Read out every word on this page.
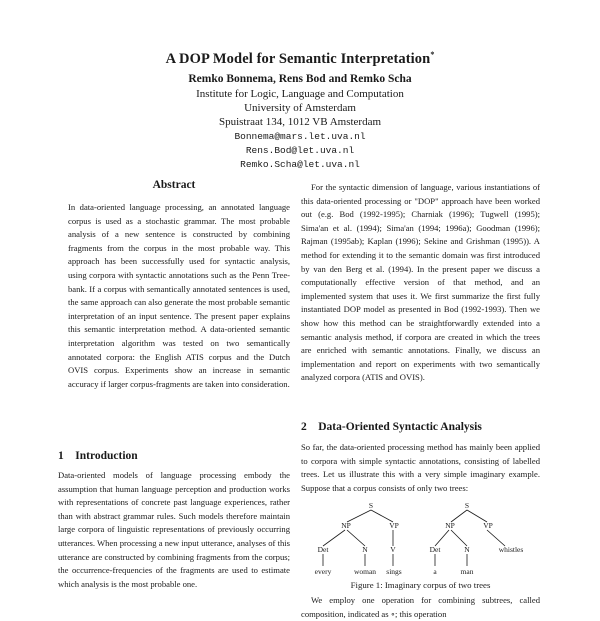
A DOP Model for Semantic Interpretation*
Remko Bonnema, Rens Bod and Remko Scha
Institute for Logic, Language and Computation
University of Amsterdam
Spuistraat 134, 1012 VB Amsterdam
Bonnema@mars.let.uva.nl
Rens.Bod@let.uva.nl
Remko.Scha@let.uva.nl
Abstract

In data-oriented language processing, an annotated language corpus is used as a stochastic grammar. The most probable analysis of a new sentence is constructed by combining fragments from the corpus in the most probable way. This approach has been successfully used for syntactic analysis, using corpora with syntactic annotations such as the Penn Tree-bank. If a corpus with semantically annotated sentences is used, the same approach can also generate the most probable semantic interpretation of an input sentence. The present paper explains this semantic interpretation method. A data-oriented semantic interpretation algorithm was tested on two semantically annotated corpora: the English ATIS corpus and the Dutch OVIS corpus. Experiments show an increase in semantic accuracy if larger corpus-fragments are taken into consideration.

1 Introduction

Data-oriented models of language processing embody the assumption that human language perception and production works with representations of concrete past language experiences, rather than with abstract grammar rules. Such models therefore maintain large corpora of linguistic representations of previously occurring utterances. When processing a new input utterance, analyses of this utterance are constructed by combining fragments from the corpus; the occurrence-frequencies of the fragments are used to estimate which analysis is the most probable one.

For the syntactic dimension of language, various instantiations of this data-oriented processing or "DOP" approach have been worked out (e.g. Bod (1992-1995); Charniak (1996); Tugwell (1995); Sima'an et al. (1994); Sima'an (1994; 1996a); Goodman (1996); Rajman (1995ab); Kaplan (1996); Sekine and Grishman (1995)). A method for extending it to the semantic domain was first introduced by van den Berg et al. (1994). In the present paper we discuss a computationally effective version of that method, and an implemented system that uses it. We first summarize the first fully instantiated DOP model as presented in Bod (1992-1993). Then we show how this method can be straightforwardly extended into a semantic analysis method, if corpora are created in which the trees are enriched with semantic annotations. Finally, we discuss an implementation and report on experiments with two semantically analyzed corpora (ATIS and OVIS).

2 Data-Oriented Syntactic Analysis

So far, the data-oriented processing method has mainly been applied to corpora with simple syntactic annotations, consisting of labelled trees. Let us illustrate this with a very simple imaginary example. Suppose that a corpus consists of only two trees:

S
NP	VP
Det	N	V
every	woman sings
S
NP	VP
Det	N	whistles
a	man
Figure 1: Imaginary corpus of two trees

We employ one operation for combining subtrees, called composition, indicated as ∘; this operation
